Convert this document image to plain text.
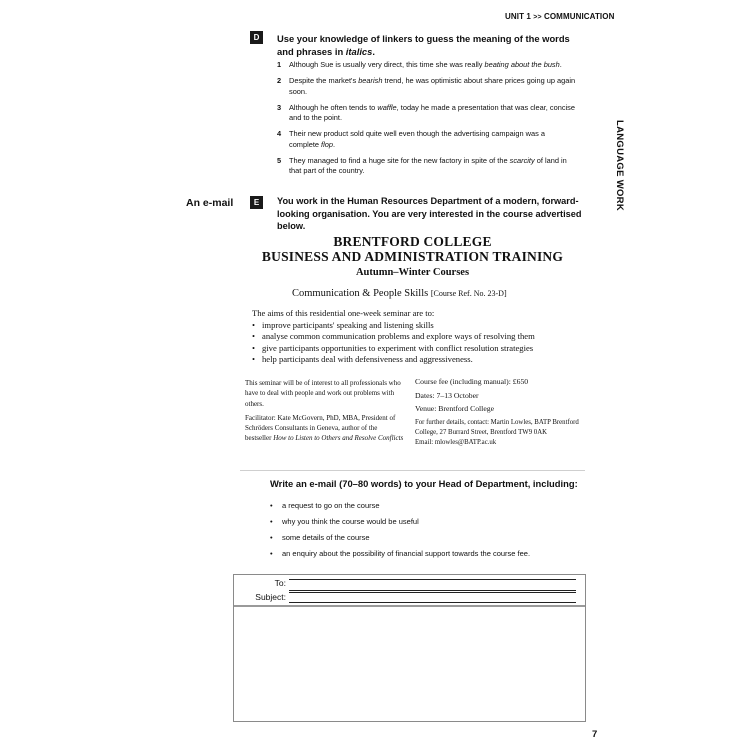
UNIT 1 >> COMMUNICATION
LANGUAGE WORK
D	Use your knowledge of linkers to guess the meaning of the words and phrases in italics.
1 Although Sue is usually very direct, this time she was really beating about the bush.
2 Despite the market's bearish trend, he was optimistic about share prices going up again soon.
3 Although he often tends to waffle, today he made a presentation that was clear, concise and to the point.
4 Their new product sold quite well even though the advertising campaign was a complete flop.
5 They managed to find a huge site for the new factory in spite of the scarcity of land in that part of the country.
An e-mail	E	You work in the Human Resources Department of a modern, forward-looking organisation. You are very interested in the course advertised below.
BRENTFORD COLLEGE
BUSINESS AND ADMINISTRATION TRAINING
Autumn–Winter Courses
Communication & People Skills [Course Ref. No. 23-D]
The aims of this residential one-week seminar are to:
• improve participants' speaking and listening skills
• analyse common communication problems and explore ways of resolving them
• give participants opportunities to experiment with conflict resolution strategies
• help participants deal with defensiveness and aggressiveness.
This seminar will be of interest to all professionals who have to deal with people and work out problems with others.
Facilitator: Kate McGovern, PhD, MBA, President of Schröders Consultants in Geneva, author of the bestseller How to Listen to Others and Resolve Conflicts
Course fee (including manual): £650
Dates: 7–13 October
Venue: Brentford College
For further details, contact: Martin Lowles, BATP Brentford College, 27 Burrard Street, Brentford TW9 0AK
Email: mlowles@BATP.ac.uk
Write an e-mail (70–80 words) to your Head of Department, including:
• a request to go on the course
• why you think the course would be useful
• some details of the course
• an enquiry about the possibility of financial support towards the course fee.
To:
Subject:
7
